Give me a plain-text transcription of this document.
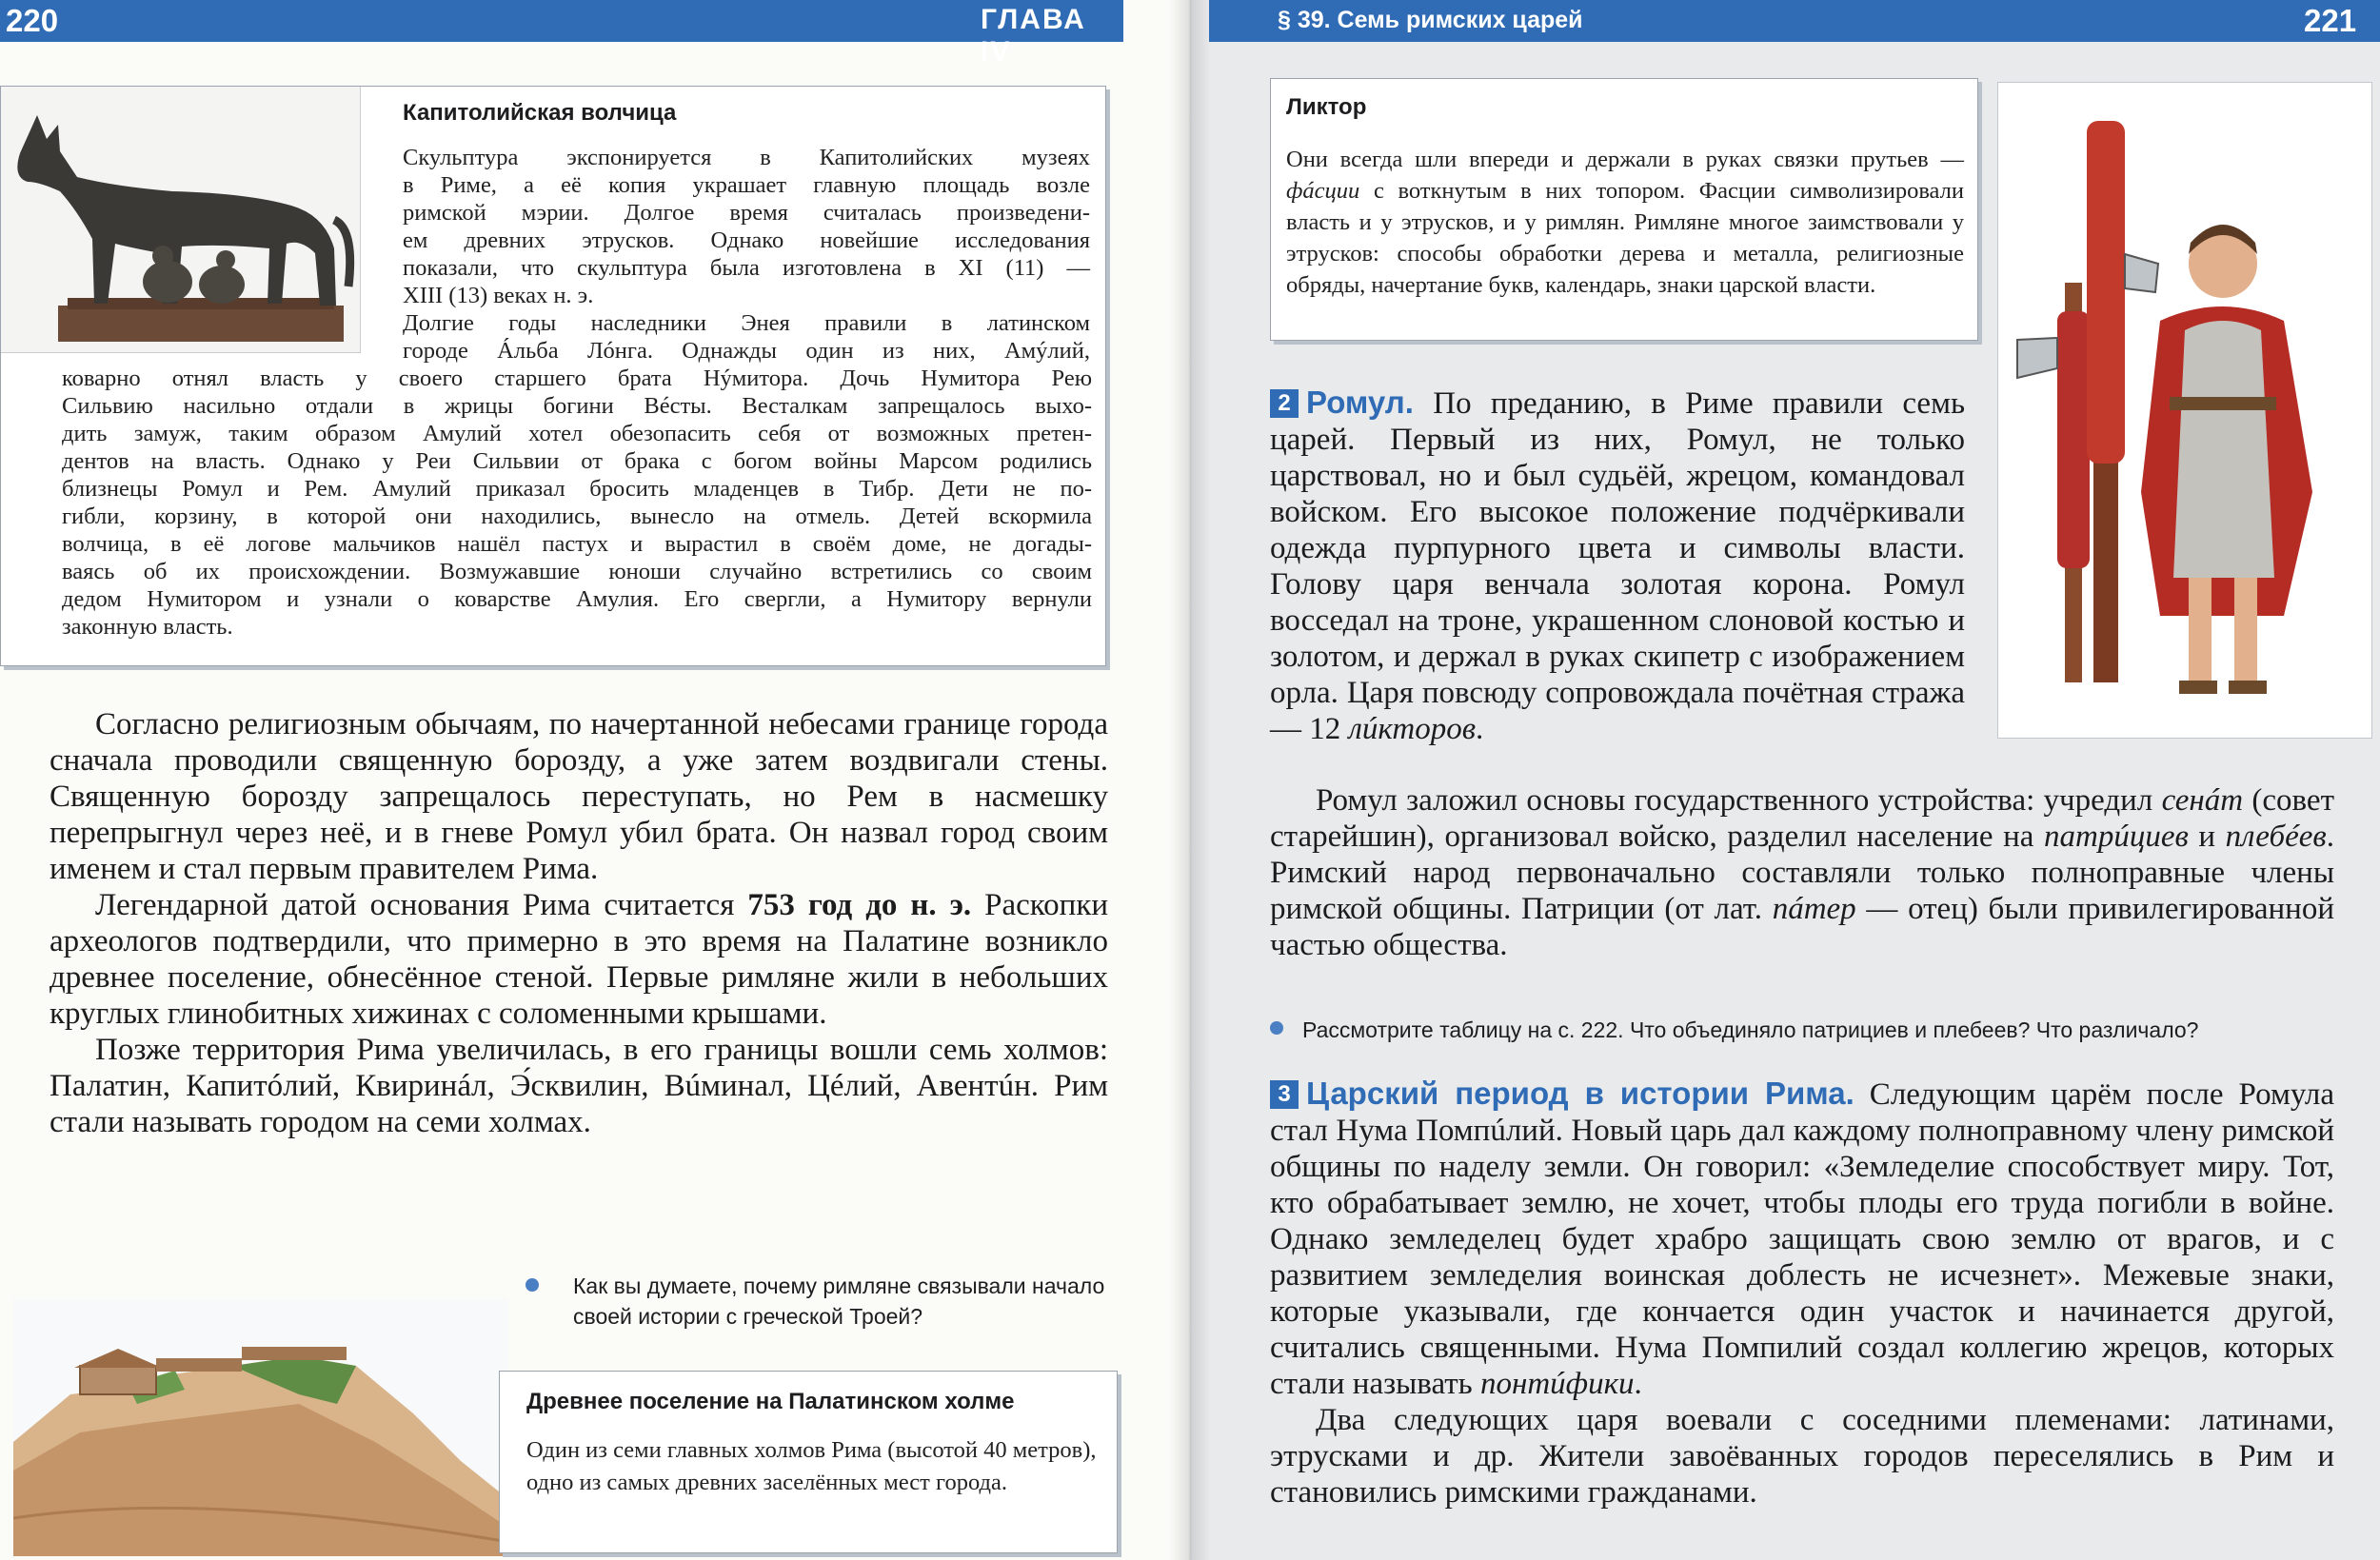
220	ГЛАВА IV
Капитолийская волчица
Скульптура экспонируется в Капитолийских музеях
в Риме, а её копия украшает главную площадь возле
римской мэрии. Долгое время считалась произведени-
ем древних этрусков. Однако новейшие исследования
показали, что скульптура была изготовлена в XI (11) —
XIII (13) веках н. э.
Долгие годы наследники Энея правили в латинском
городе Áльба Лóнга. Однажды один из них, Амýлий,
коварно отнял власть у своего старшего брата Нýмитора. Дочь Нумитора Рею
Сильвию насильно отдали в жрицы богини Вéсты. Весталкам запрещалось выхо-
дить замуж, таким образом Амулий хотел обезопасить себя от возможных претен-
дентов на власть. Однако у Реи Сильвии от брака с богом войны Марсом родились
близнецы Ромул и Рем. Амулий приказал бросить младенцев в Тибр. Дети не по-
гибли, корзину, в которой они находились, вынесло на отмель. Детей вскормила
волчица, в её логове мальчиков нашёл пастух и вырастил в своём доме, не догады-
ваясь об их происхождении. Возмужавшие юноши случайно встретились со своим
дедом Нумитором и узнали о коварстве Амулия. Его свергли, а Нумитору вернули
законную власть.

Согласно религиозным обычаям, по начертанной небесами границе города сначала проводили священную борозду, а уже затем воздвигали стены. Священную борозду запрещалось переступать, но Рем в насмешку перепрыгнул через неё, и в гневе Ромул убил брата. Он назвал город своим именем и стал первым правителем Рима.

Легендарной датой основания Рима считается 753 год до н. э. Раскопки археологов подтвердили, что примерно в это время на Палатине возникло древнее поселение, обнесённое стеной. Первые римляне жили в небольших круглых глинобитных хижинах с соломенными крышами.

Позже территория Рима увеличилась, в его границы вошли семь холмов: Палатин, Капитóлий, Квиринáл, Э́сквилин, Вúминал, Цéлий, Авентúн. Рим стали называть городом на семи холмах.

Как вы думаете, почему римляне связывали начало своей истории с греческой Троей?
Древнее поселение на Палатинском холме
Один из семи главных холмов Рима (высотой 40 метров), одно из самых древних заселённых мест города.
§ 39. Семь римских царей	221
Ликтор
Они всегда шли впереди и держали в руках связки прутьев — фáсции с воткнутым в них топором. Фасции символизировали власть и у этрусков, и у римлян. Римляне многое заимствовали у этрусков: способы обработки дерева и металла, религиозные обряды, начертание букв, календарь, знаки царской власти.

2 Ромул. По преданию, в Риме правили семь царей. Первый из них, Ромул, не только царствовал, но и был судьёй, жрецом, командовал войском. Его высокое положение подчёркивали одежда пурпурного цвета и символы власти. Голову царя венчала золотая корона. Ромул восседал на троне, украшенном слоновой костью и золотом, и держал в руках скипетр с изображением орла. Царя повсюду сопровождала почётная стража — 12 лúкторов.

Ромул заложил основы государственного устройства: учредил сенáт (совет старейшин), организовал войско, разделил население на патрúциев и плебéев. Римский народ первоначально составляли только полноправные члены римской общины. Патриции (от лат. пáтер — отец) были привилегированной частью общества.

Рассмотрите таблицу на с. 222. Что объединяло патрициев и плебеев? Что различало?

3 Царский период в истории Рима. Следующим царём после Ромула стал Нума Помпúлий. Новый царь дал каждому полноправному члену римской общины по наделу земли. Он говорил: «Земледелие способствует миру. Тот, кто обрабатывает землю, не хочет, чтобы плоды его труда погибли в войне. Однако земледелец будет храбро защищать свою землю от врагов, и с развитием земледелия воинская доблесть не исчезнет». Межевые знаки, которые указывали, где кончается один участок и начинается другой, считались священными. Нума Помпилий создал коллегию жрецов, которых стали называть понтúфики.

Два следующих царя воевали с соседними племенами: латинами, этрусками и др. Жители завоёванных городов переселялись в Рим и становились римскими гражданами.
